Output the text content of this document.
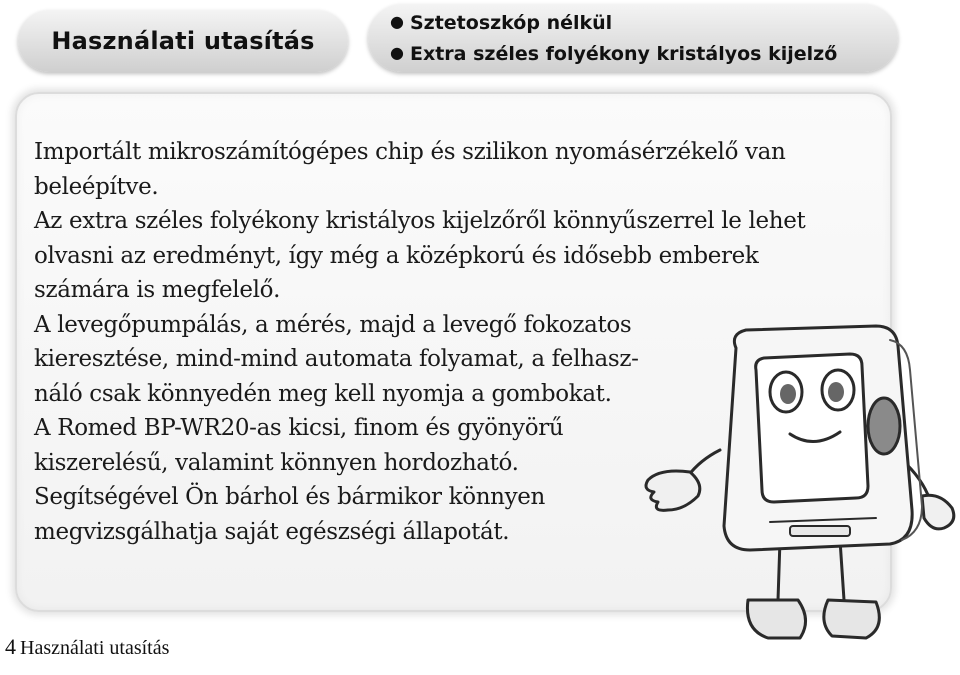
Használati utasítás
● Sztetoszkóp nélkül
● Extra széles folyékony kristályos kijelző

Importált mikroszámítógépes chip és szilikon nyomásérzékelő van
beleépítve.

Az extra széles folyékony kristályos kijelzőről könnyűszerrel le lehet
olvasni az eredményt, így még a középkorú és idősebb emberek
számára is megfelelő.

A levegőpumpálás, a mérés, majd a levegő fokozatos
kieresztése, mind-mind automata folyamat, a felhasz-
náló csak könnyedén meg kell nyomja a gombokat.

A Romed BP-WR20-as kicsi, finom és gyönyörű
kiszerelésű, valamint könnyen hordozható.

Segítségével Ön bárhol és bármikor könnyen
megvizsgálhatja saját egészségi állapotát.

4 Használati utasítás
